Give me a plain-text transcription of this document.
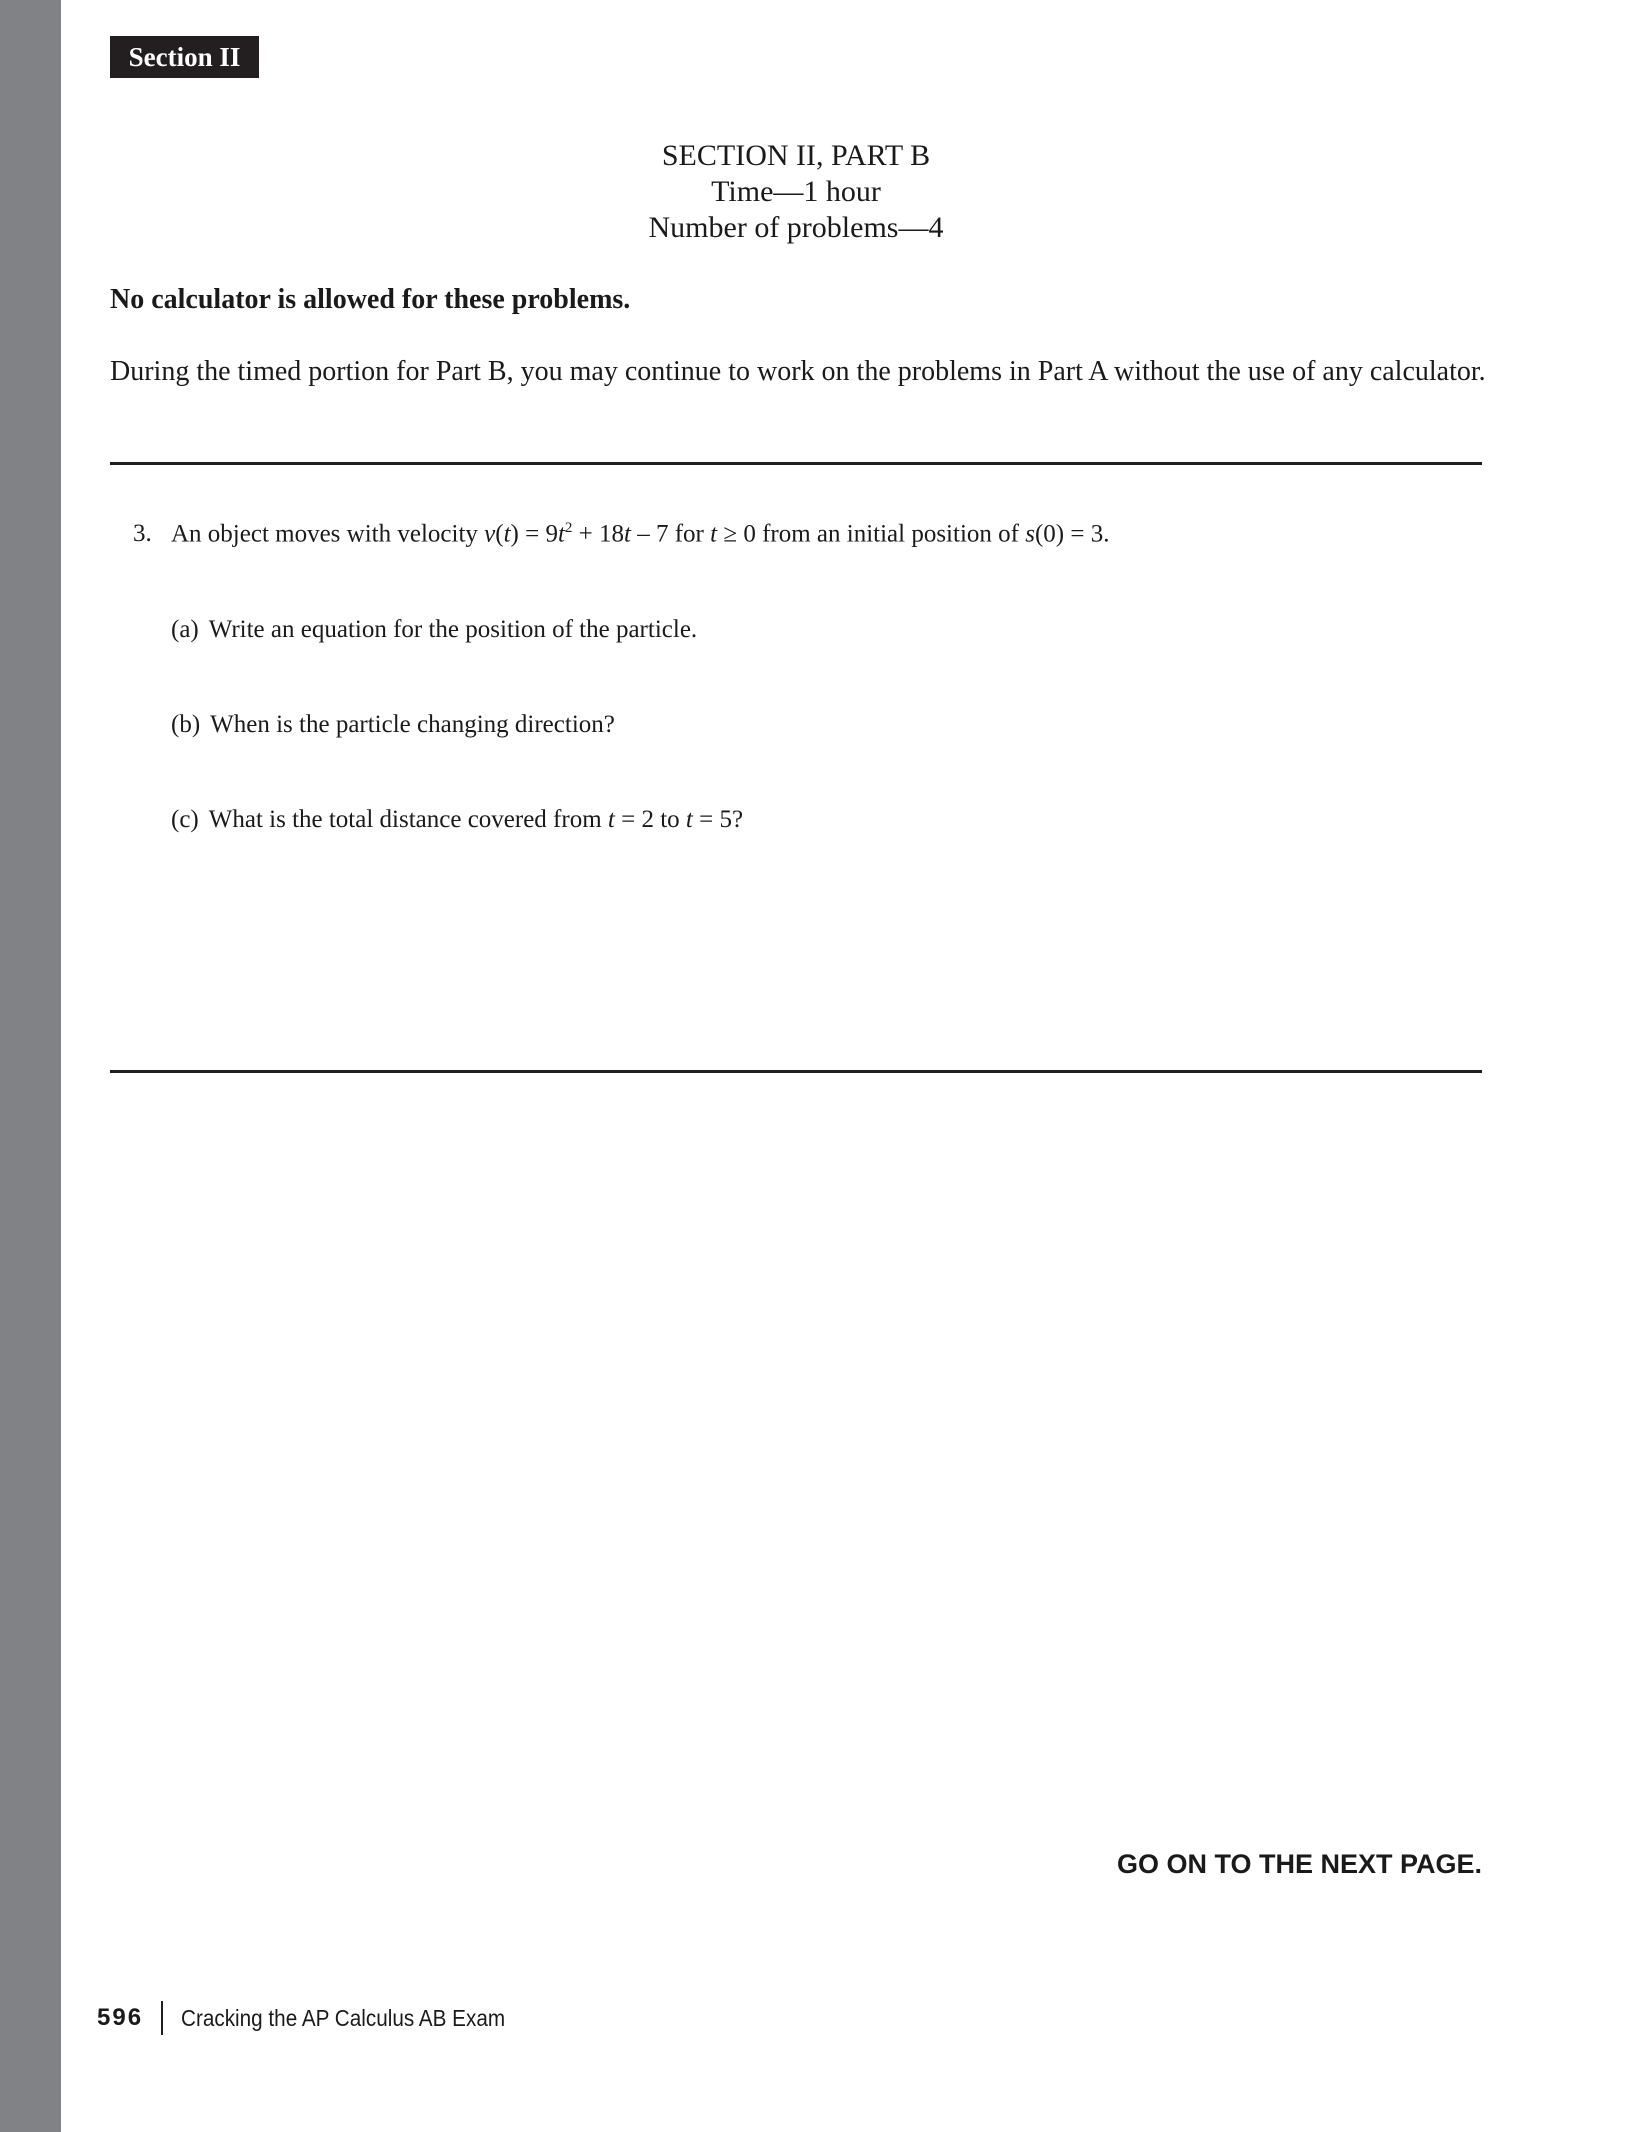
Section II
SECTION II, PART B
Time—1 hour
Number of problems—4
No calculator is allowed for these problems.
During the timed portion for Part B, you may continue to work on the problems in Part A without the use of any calculator.
3. An object moves with velocity $v(t) = 9t^2 + 18t - 7$ for t ≥ 0 from an initial position of s(0) = 3.
(a) Write an equation for the position of the particle.
(b) When is the particle changing direction?
(c) What is the total distance covered from t = 2 to t = 5?
GO ON TO THE NEXT PAGE.
596 Cracking the AP Calculus AB Exam
